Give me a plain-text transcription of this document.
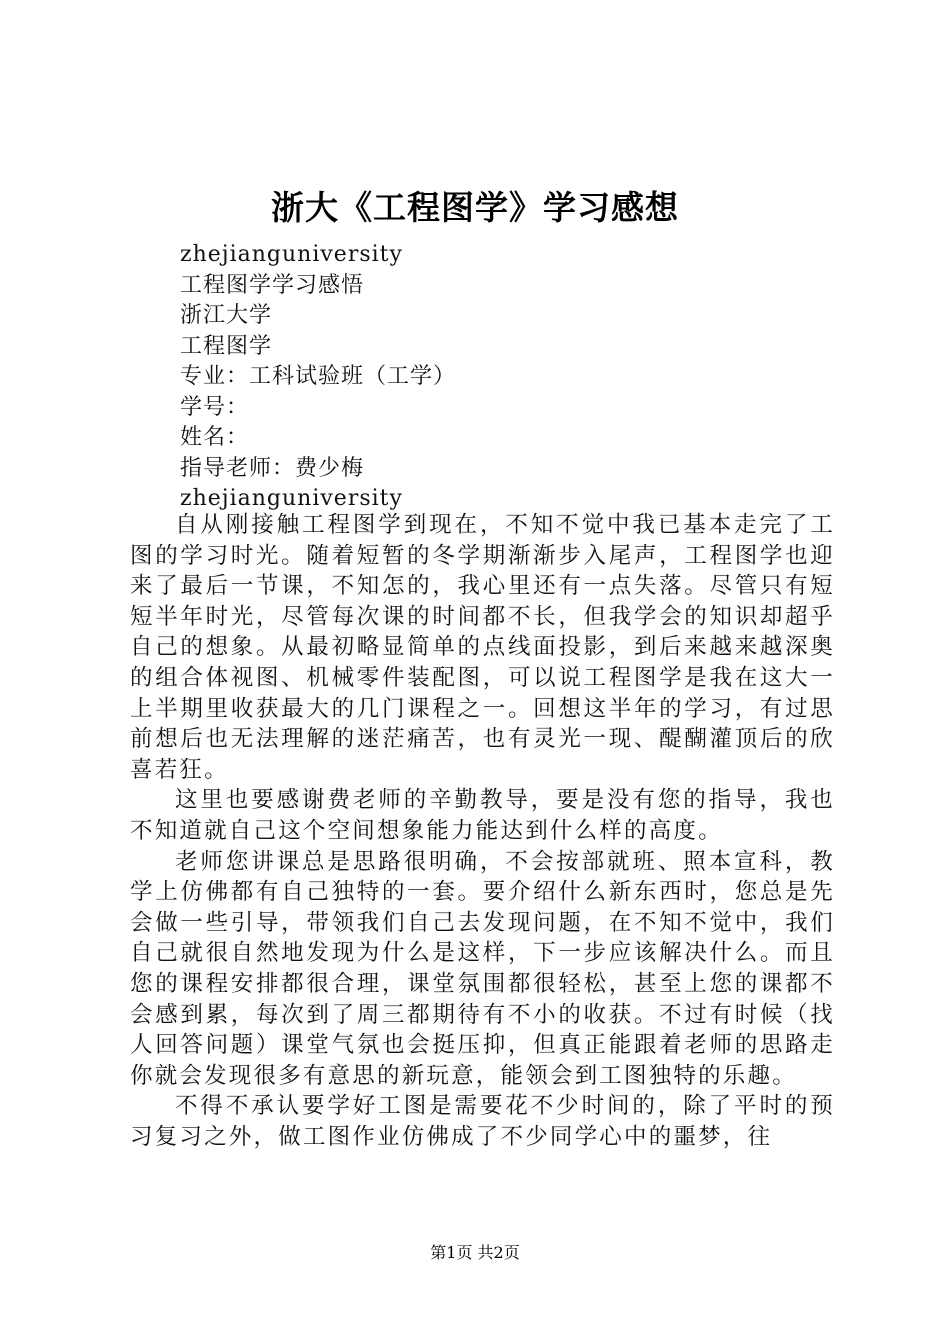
浙大《工程图学》学习感想
zhejianguniversity
工程图学学习感悟
浙江大学
工程图学
专业：工科试验班（工学）
学号：
姓名：
指导老师：费少梅
zhejianguniversity

自从刚接触工程图学到现在，不知不觉中我已基本走完了工图的学习时光。随着短暂的冬学期渐渐步入尾声，工程图学也迎来了最后一节课，不知怎的，我心里还有一点失落。尽管只有短短半年时光，尽管每次课的时间都不长，但我学会的知识却超乎自己的想象。从最初略显简单的点线面投影，到后来越来越深奥的组合体视图、机械零件装配图，可以说工程图学是我在这大一上半期里收获最大的几门课程之一。回想这半年的学习，有过思前想后也无法理解的迷茫痛苦，也有灵光一现、醍醐灌顶后的欣喜若狂。

这里也要感谢费老师的辛勤教导，要是没有您的指导，我也不知道就自己这个空间想象能力能达到什么样的高度。

老师您讲课总是思路很明确，不会按部就班、照本宣科，教学上仿佛都有自己独特的一套。要介绍什么新东西时，您总是先会做一些引导，带领我们自己去发现问题，在不知不觉中，我们自己就很自然地发现为什么是这样，下一步应该解决什么。而且您的课程安排都很合理，课堂氛围都很轻松，甚至上您的课都不会感到累，每次到了周三都期待有不小的收获。不过有时候（找人回答问题）课堂气氛也会挺压抑，但真正能跟着老师的思路走你就会发现很多有意思的新玩意，能领会到工图独特的乐趣。

不得不承认要学好工图是需要花不少时间的，除了平时的预习复习之外，做工图作业仿佛成了不少同学心中的噩梦，往

第1页 共2页
